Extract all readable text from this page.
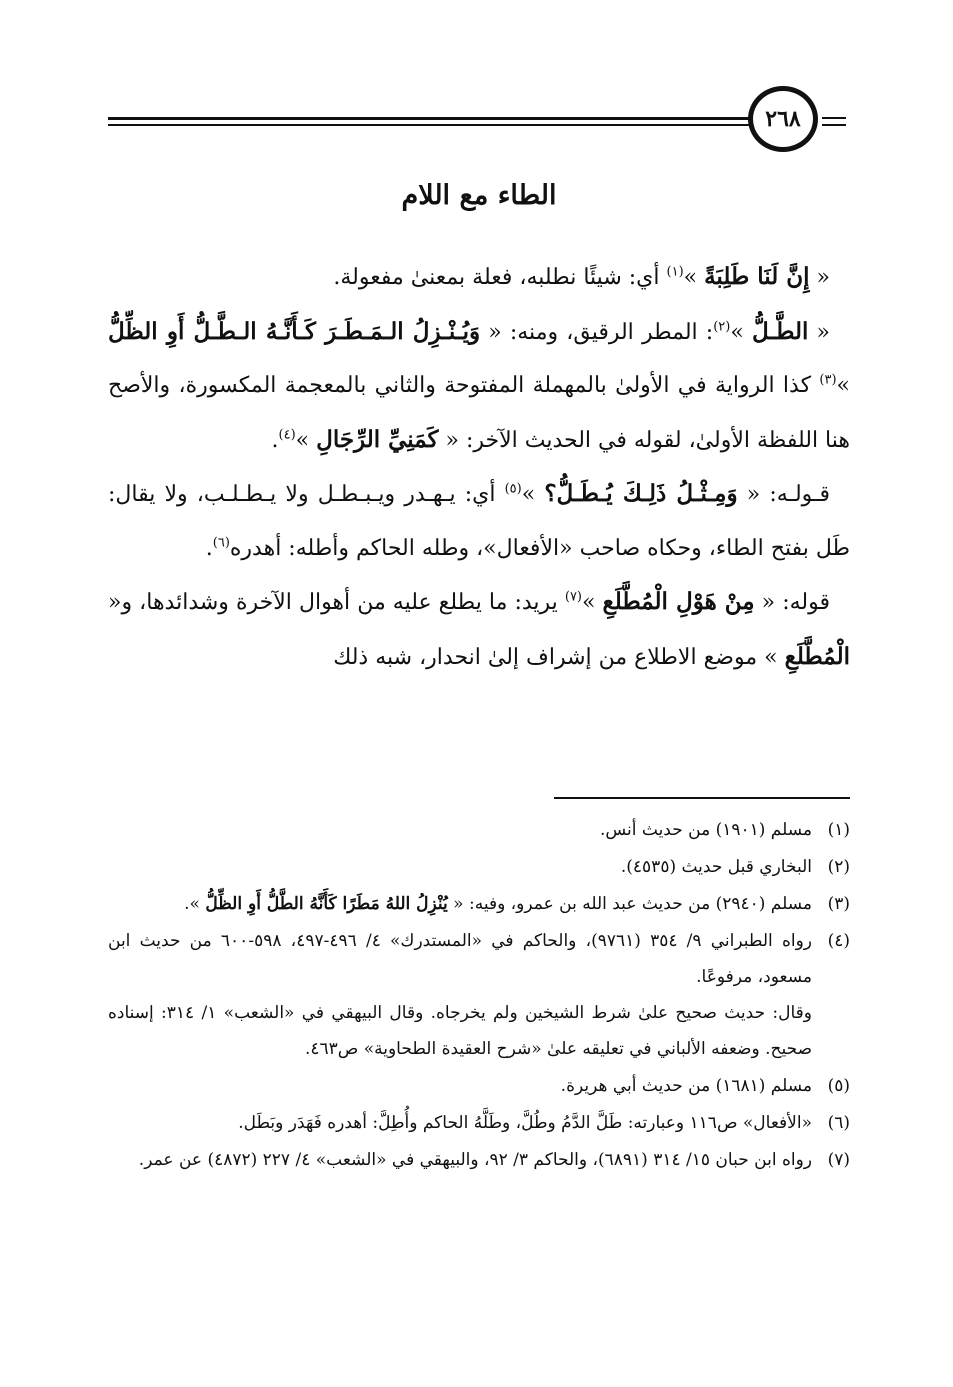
٢٦٨
الطاء مع اللام

« إِنَّ لَنَا طَلِبَةً »$^{(١)}$ أي: شيئًا نطلبه، فعلة بمعنىٰ مفعولة.

« الطَّـلُّ »$^{(٢)}$: المطر الرقيق، ومنه: « وَيُـنْـزِلُ الـمَـطَـرَ كَـأَنَّـهُ الـطَّـلُّ أَوِ الظِّلُّ »$^{(٣)}$ كذا الرواية في الأولىٰ بالمهملة المفتوحة والثاني بالمعجمة المكسورة، والأصح هنا اللفظة الأولىٰ، لقوله في الحديث الآخر: « كَمَنِيِّ الرِّجَالِ »$^{(٤)}$.

قـولـه: « وَمِـثْـلُ ذَلِـكَ يُـطَـلُّ؟ »$^{(٥)}$ أي: يـهـدر ويـبـطـل ولا يـطـلـب، ولا يقال: طَل بفتح الطاء، وحكاه صاحب «الأفعال»، وطله الحاكم وأطله: أهدره$^{(٦)}$.

قوله: « مِنْ هَوْلِ الْمُطَّلَعِ »$^{(٧)}$ يريد: ما يطلع عليه من أهوال الآخرة وشدائدها، و« الْمُطَّلَعِ » موضع الاطلاع من إشراف إلىٰ انحدار، شبه ذلك

(١)

مسلم (١٩٠١) من حديث أنس.

(٢)

البخاري قبل حديث (٤٥٣٥).

(٣)

مسلم (٢٩٤٠) من حديث عبد الله بن عمرو، وفيه: « يُنْزِلُ اللهُ مَطَرًا كَأَنَّهُ الطَّلُّ أَوِ الظِّلُّ ».

(٤)

رواه الطبراني ٩/ ٣٥٤ (٩٧٦١)، والحاكم في «المستدرك» ٤/ ٤٩٦-٤٩٧، ٥٩٨-٦٠٠ من حديث ابن مسعود، مرفوعًا.

وقال: حديث صحيح علىٰ شرط الشيخين ولم يخرجاه. وقال البيهقي في «الشعب» ١/ ٣١٤: إسناده صحيح. وضعفه الألباني في تعليقه علىٰ «شرح العقيدة الطحاوية» ص٤٦٣.

(٥)

مسلم (١٦٨١) من حديث أبي هريرة.

(٦)

«الأفعال» ص١١٦ وعبارته: طَلَّ الدَّمُ وطُلَّ، وطَلَّهُ الحاكم وأُطِلَّ: أهدره فَهَدَر وبَطَل.

(٧)

رواه ابن حبان ١٥/ ٣١٤ (٦٨٩١)، والحاكم ٣/ ٩٢، والبيهقي في «الشعب» ٤/ ٢٢٧ (٤٨٧٢) عن عمر.
